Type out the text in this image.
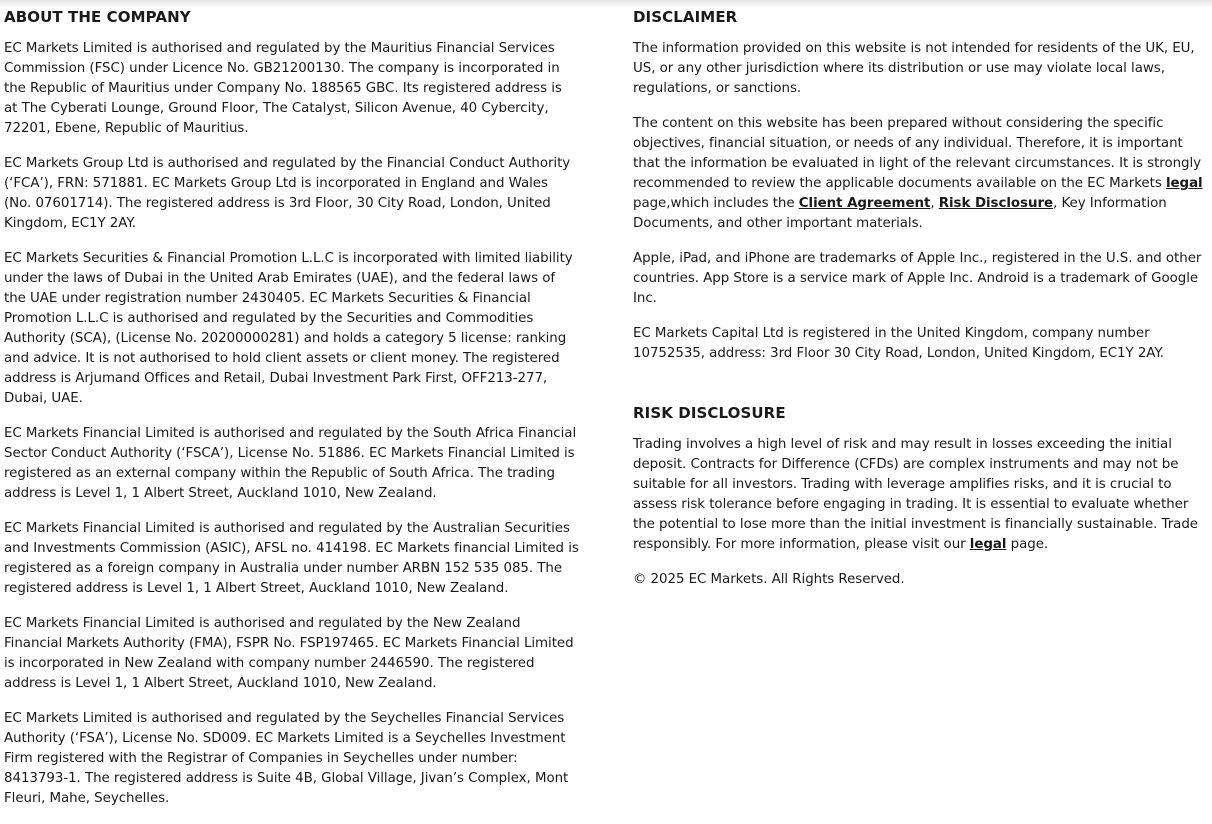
ABOUT THE COMPANY

EC Markets Limited is authorised and regulated by the Mauritius Financial Services Commission (FSC) under Licence No. GB21200130. The company is incorporated in the Republic of Mauritius under Company No. 188565 GBC. Its registered address is at The Cyberati Lounge, Ground Floor, The Catalyst, Silicon Avenue, 40 Cybercity, 72201, Ebene, Republic of Mauritius.

EC Markets Group Ltd is authorised and regulated by the Financial Conduct Authority (‘FCA’), FRN: 571881. EC Markets Group Ltd is incorporated in England and Wales (No. 07601714). The registered address is 3rd Floor, 30 City Road, London, United Kingdom, EC1Y 2AY.

EC Markets Securities & Financial Promotion L.L.C is incorporated with limited liability under the laws of Dubai in the United Arab Emirates (UAE), and the federal laws of the UAE under registration number 2430405. EC Markets Securities & Financial Promotion L.L.C is authorised and regulated by the Securities and Commodities Authority (SCA), (License No. 20200000281) and holds a category 5 license: ranking and advice. It is not authorised to hold client assets or client money. The registered address is Arjumand Offices and Retail, Dubai Investment Park First, OFF213-277, Dubai, UAE.

EC Markets Financial Limited is authorised and regulated by the South Africa Financial Sector Conduct Authority (‘FSCA’), License No. 51886. EC Markets Financial Limited is registered as an external company within the Republic of South Africa. The trading address is Level 1, 1 Albert Street, Auckland 1010, New Zealand.

EC Markets Financial Limited is authorised and regulated by the Australian Securities and Investments Commission (ASIC), AFSL no. 414198. EC Markets financial Limited is registered as a foreign company in Australia under number ARBN 152 535 085. The registered address is Level 1, 1 Albert Street, Auckland 1010, New Zealand.

EC Markets Financial Limited is authorised and regulated by the New Zealand Financial Markets Authority (FMA), FSPR No. FSP197465. EC Markets Financial Limited is incorporated in New Zealand with company number 2446590. The registered address is Level 1, 1 Albert Street, Auckland 1010, New Zealand.

EC Markets Limited is authorised and regulated by the Seychelles Financial Services Authority (‘FSA’), License No. SD009. EC Markets Limited is a Seychelles Investment Firm registered with the Registrar of Companies in Seychelles under number: 8413793-1. The registered address is Suite 4B, Global Village, Jivan’s Complex, Mont Fleuri, Mahe, Seychelles.

DISCLAIMER

The information provided on this website is not intended for residents of the UK, EU, US, or any other jurisdiction where its distribution or use may violate local laws, regulations, or sanctions.

The content on this website has been prepared without considering the specific objectives, financial situation, or needs of any individual. Therefore, it is important that the information be evaluated in light of the relevant circumstances. It is strongly recommended to review the applicable documents available on the EC Markets legal page,which includes the Client Agreement, Risk Disclosure, Key Information Documents, and other important materials.

Apple, iPad, and iPhone are trademarks of Apple Inc., registered in the U.S. and other countries. App Store is a service mark of Apple Inc. Android is a trademark of Google Inc.

EC Markets Capital Ltd is registered in the United Kingdom, company number 10752535, address: 3rd Floor 30 City Road, London, United Kingdom, EC1Y 2AY.

RISK DISCLOSURE

Trading involves a high level of risk and may result in losses exceeding the initial deposit. Contracts for Difference (CFDs) are complex instruments and may not be suitable for all investors. Trading with leverage amplifies risks, and it is crucial to assess risk tolerance before engaging in trading. It is essential to evaluate whether the potential to lose more than the initial investment is financially sustainable. Trade responsibly. For more information, please visit our legal page.

© 2025 EC Markets. All Rights Reserved.
